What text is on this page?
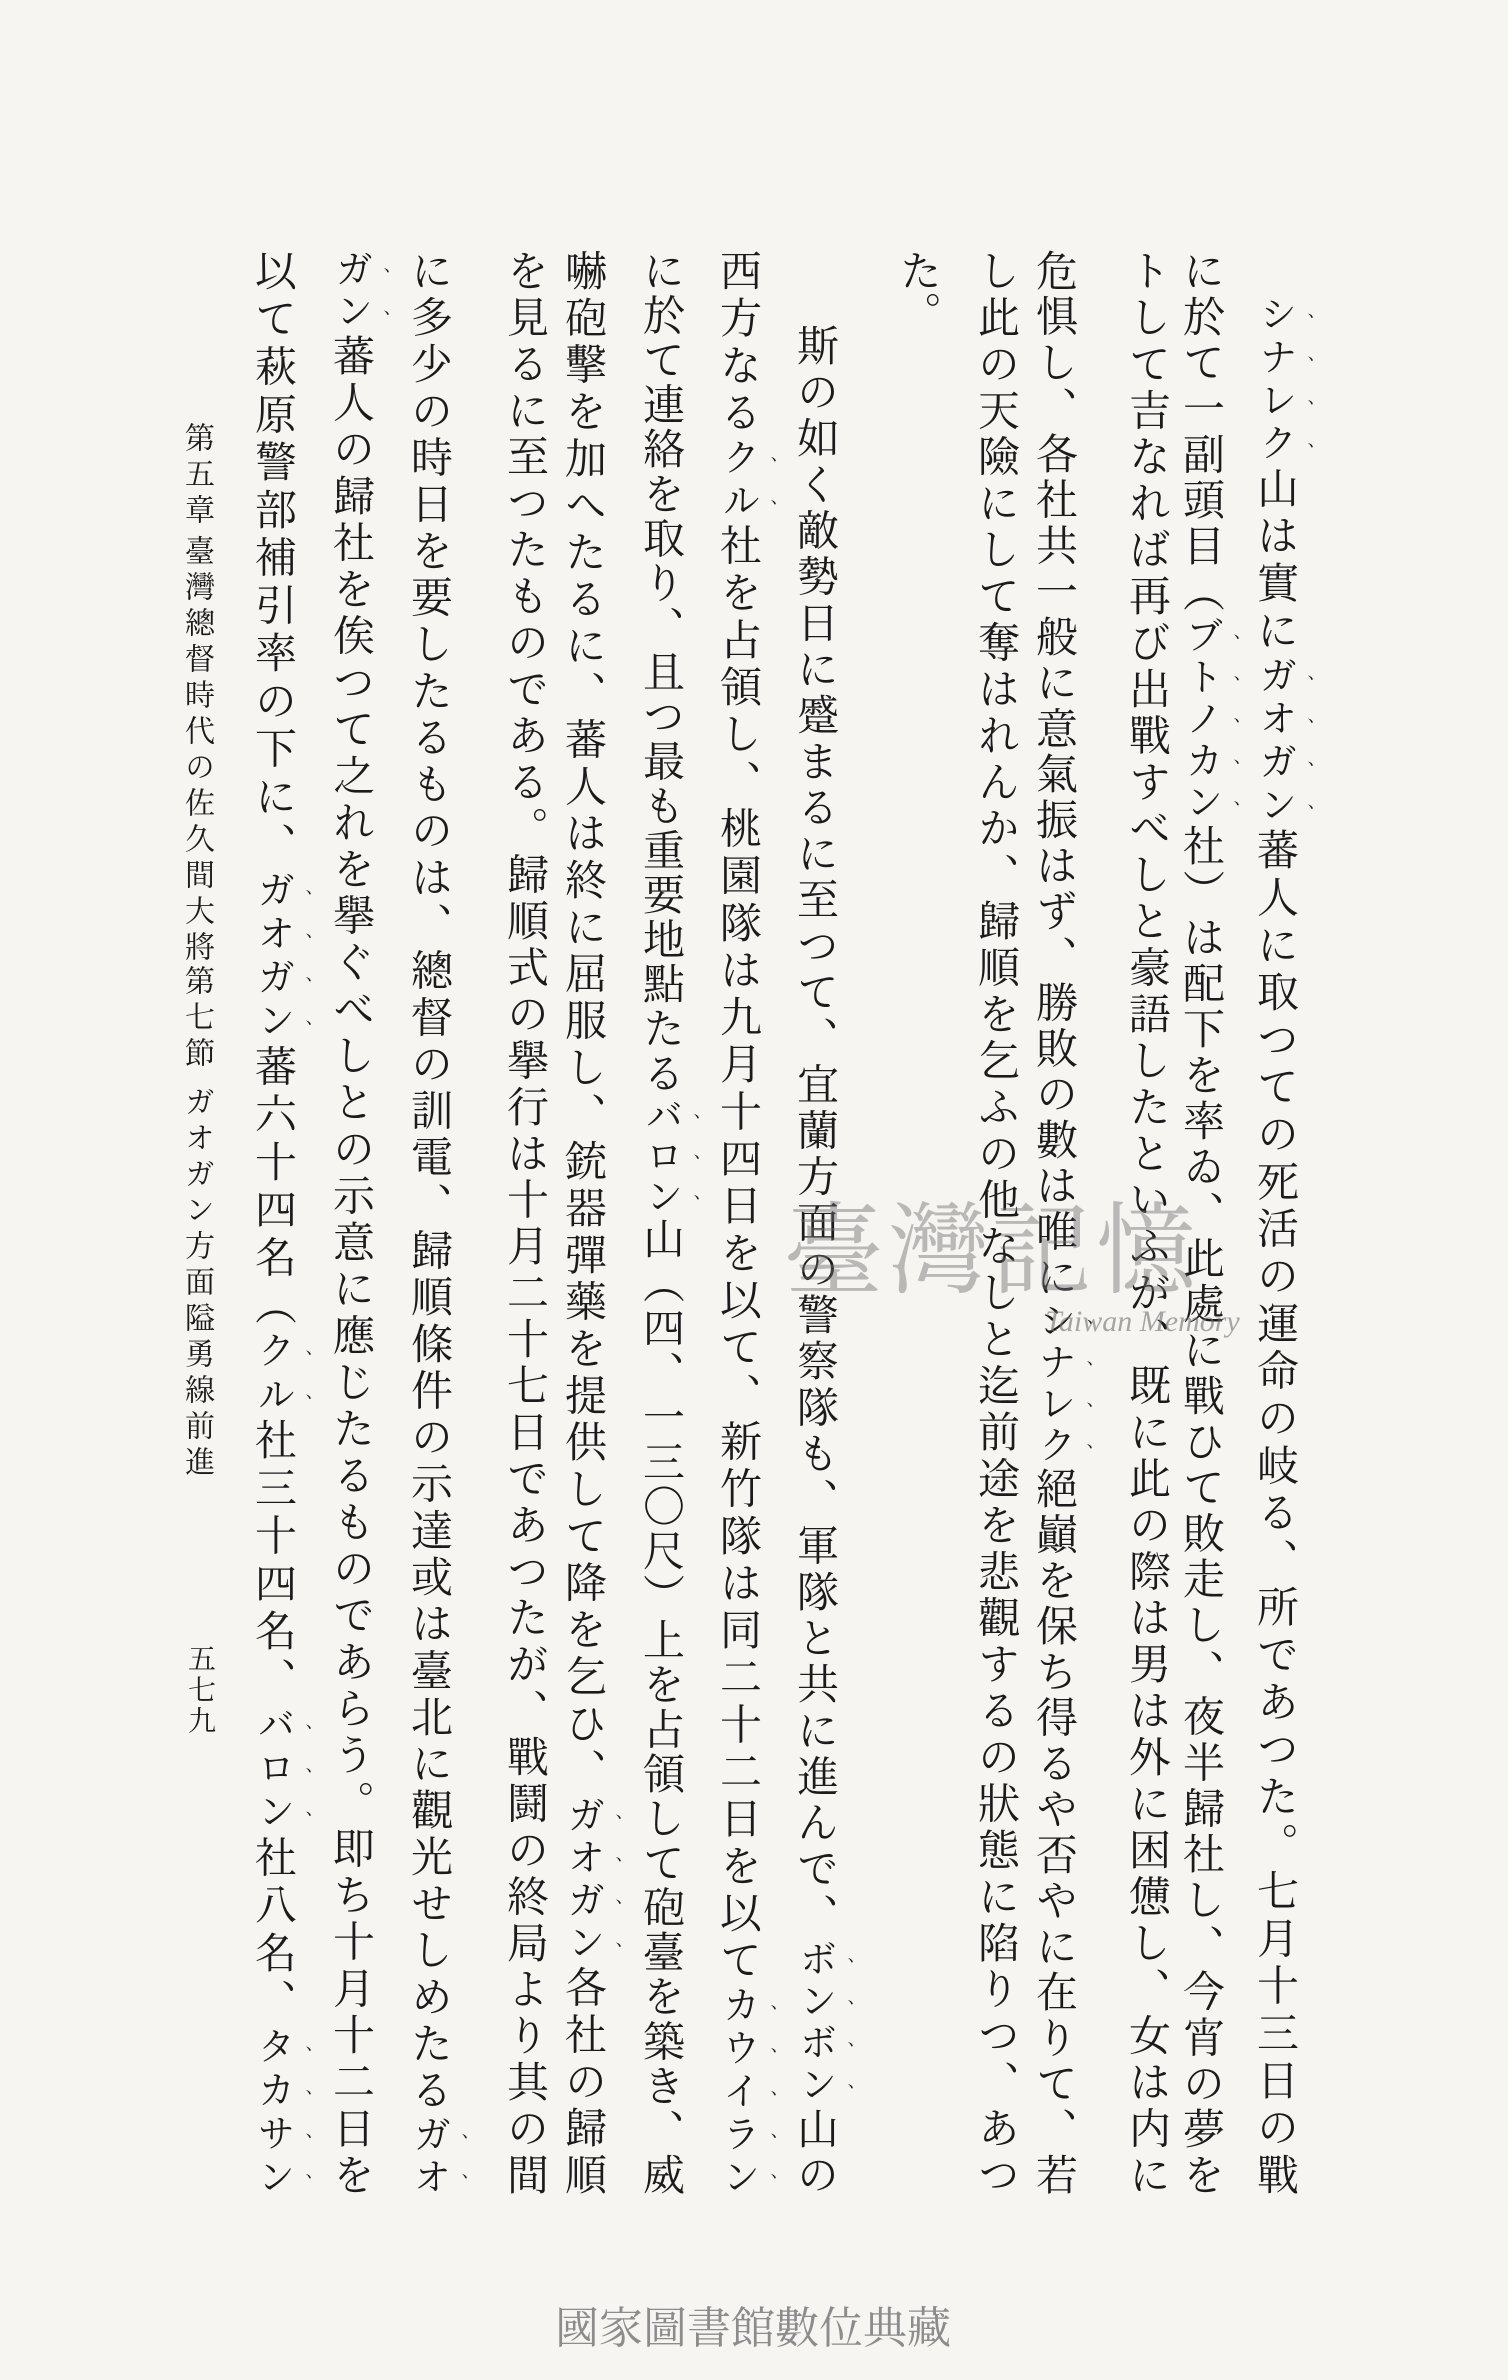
シナレク山は實にガオガン蕃人に取つての死活の運命の岐る、所であつた。七月十三日の戰
に於て一副頭目（ブトノカン社）は配下を率ゐ、此處に戰ひて敗走し、夜半歸社し、今宵の夢を
トして吉なれば再び出戰すべしと豪語したといふが、既に此の際は男は外に困憊し、女は内に
危惧し、各社共一般に意氣振はず、勝敗の數は唯にシナレク絕巓を保ち得るや否やに在りて、若
し此の天險にして奪はれんか、歸順を乞ふの他なしと迄前途を悲觀するの狀態に陷りつ、あつ
た。
斯の如く敵勢日に蹙まるに至つて、宜蘭方面の警察隊も、軍隊と共に進んで、ボンボン山の
西方なるクル社を占領し、桃園隊は九月十四日を以て、新竹隊は同二十二日を以てカウイラン
に於て連絡を取り、且つ最も重要地點たるバロン山（四、一三〇尺）上を占領して砲臺を築き、威
嚇砲擊を加へたるに、蕃人は終に屈服し、銃器彈藥を提供して降を乞ひ、ガオガン各社の歸順
を見るに至つたものである。歸順式の擧行は十月二十七日であつたが、戰鬪の終局より其の間
に多少の時日を要したるものは、總督の訓電、歸順條件の示達或は臺北に觀光せしめたるガオ
ガン蕃人の歸社を俟つて之れを擧ぐべしとの示意に應じたるものであらう。即ち十月十二日を
以て萩原警部補引率の下に、ガオガン蕃六十四名（クル社三十四名、バロン社八名、タカサン
第五章
臺灣總督時代の佐久間大將
第七節
ガオガン方面隘勇線前進
五七九
臺灣記憶
Taiwan Memory
國家圖書館數位典藏
